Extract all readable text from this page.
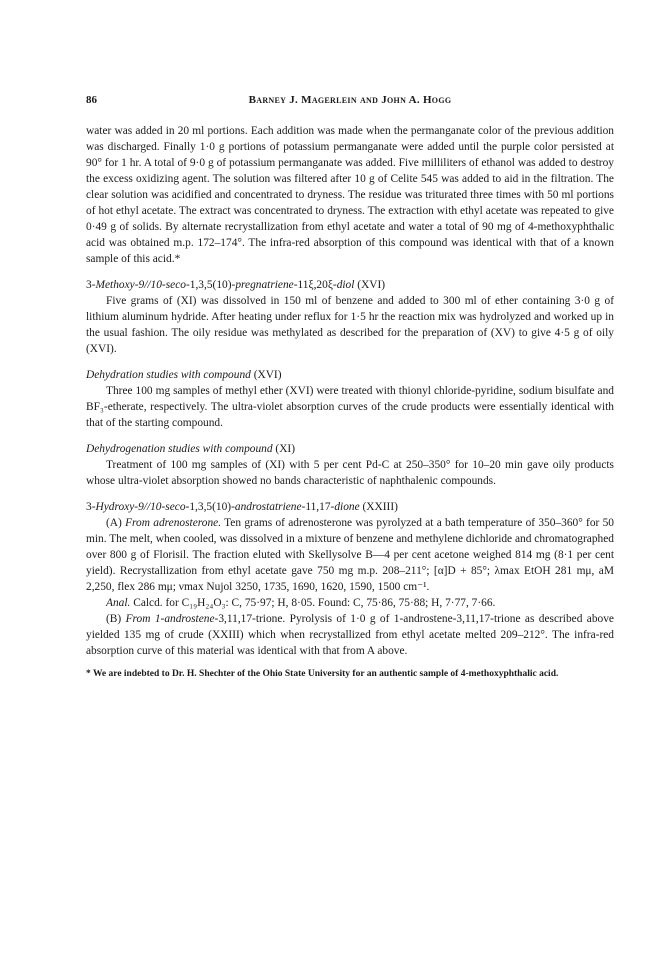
86	Barney J. Magerlein and John A. Hogg

water was added in 20 ml portions. Each addition was made when the permanganate color of the previous addition was discharged. Finally 1·0 g portions of potassium permanganate were added until the purple color persisted at 90° for 1 hr. A total of 9·0 g of potassium permanganate was added. Five milliliters of ethanol was added to destroy the excess oxidizing agent. The solution was filtered after 10 g of Celite 545 was added to aid in the filtration. The clear solution was acidified and concentrated to dryness. The residue was triturated three times with 50 ml portions of hot ethyl acetate. The extract was concentrated to dryness. The extraction with ethyl acetate was repeated to give 0·49 g of solids. By alternate recrystallization from ethyl acetate and water a total of 90 mg of 4-methoxyphthalic acid was obtained m.p. 172–174°. The infra-red absorption of this compound was identical with that of a known sample of this acid.*

3-Methoxy-9//10-seco-1,3,5(10)-pregnatriene-11ξ,20ξ-diol (XVI)

Five grams of (XI) was dissolved in 150 ml of benzene and added to 300 ml of ether containing 3·0 g of lithium aluminum hydride. After heating under reflux for 1·5 hr the reaction mix was hydrolyzed and worked up in the usual fashion. The oily residue was methylated as described for the preparation of (XV) to give 4·5 g of oily (XVI).

Dehydration studies with compound (XVI)

Three 100 mg samples of methyl ether (XVI) were treated with thionyl chloride-pyridine, sodium bisulfate and BF₃-etherate, respectively. The ultra-violet absorption curves of the crude products were essentially identical with that of the starting compound.

Dehydrogenation studies with compound (XI)

Treatment of 100 mg samples of (XI) with 5 per cent Pd-C at 250–350° for 10–20 min gave oily products whose ultra-violet absorption showed no bands characteristic of naphthalenic compounds.

3-Hydroxy-9//10-seco-1,3,5(10)-androstatriene-11,17-dione (XXIII)

(A) From adrenosterone. Ten grams of adrenosterone was pyrolyzed at a bath temperature of 350–360° for 50 min. The melt, when cooled, was dissolved in a mixture of benzene and methylene dichloride and chromatographed over 800 g of Florisil. The fraction eluted with Skellysolve B—4 per cent acetone weighed 814 mg (8·1 per cent yield). Recrystallization from ethyl acetate gave 750 mg m.p. 208–211°; [α]D + 85°; λmax EtOH 281 mμ, aM 2,250, flex 286 mμ; νmax Nujol 3250, 1735, 1690, 1620, 1590, 1500 cm⁻¹.

Anal. Calcd. for C₁₉H₂₄O₃: C, 75·97; H, 8·05. Found: C, 75·86, 75·88; H, 7·77, 7·66.

(B) From 1-androstene-3,11,17-trione. Pyrolysis of 1·0 g of 1-androstene-3,11,17-trione as described above yielded 135 mg of crude (XXIII) which when recrystallized from ethyl acetate melted 209–212°. The infra-red absorption curve of this material was identical with that from A above.

* We are indebted to Dr. H. Shechter of the Ohio State University for an authentic sample of 4-methoxyphthalic acid.
